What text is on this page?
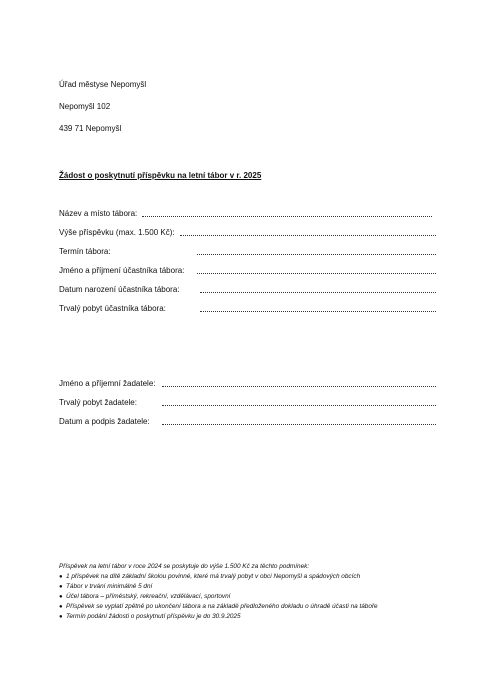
Úřad městyse Nepomyšl
Nepomyšl 102
439 71 Nepomyšl
Žádost o poskytnutí příspěvku na letní tábor v r. 2025
Název a místo tábora:
Výše příspěvku (max. 1.500 Kč):
Termín tábora:
Jméno a příjmení účastníka tábora:
Datum narození účastníka tábora:
Trvalý pobyt účastníka tábora:
Jméno a příjemní žadatele:
Trvalý pobyt žadatele:
Datum a podpis žadatele:
Příspěvek na letní tábor v roce 2024 se poskytuje do výše 1.500 Kč za těchto podmínek:
● 1 příspěvek na dítě základní školou povinné, které má trvalý pobyt v obci Nepomyšl a spádových obcích
● Tábor v trvání minimálně 5 dní
● Účel tábora – příměstský, rekreační, vzdělávací, sportovní
● Příspěvek se vyplatí zpětně po ukončení tábora a na základě předloženého dokladu o úhradě účasti na táboře
● Termín podání žádosti o poskytnutí příspěvku je do 30.9.2025
